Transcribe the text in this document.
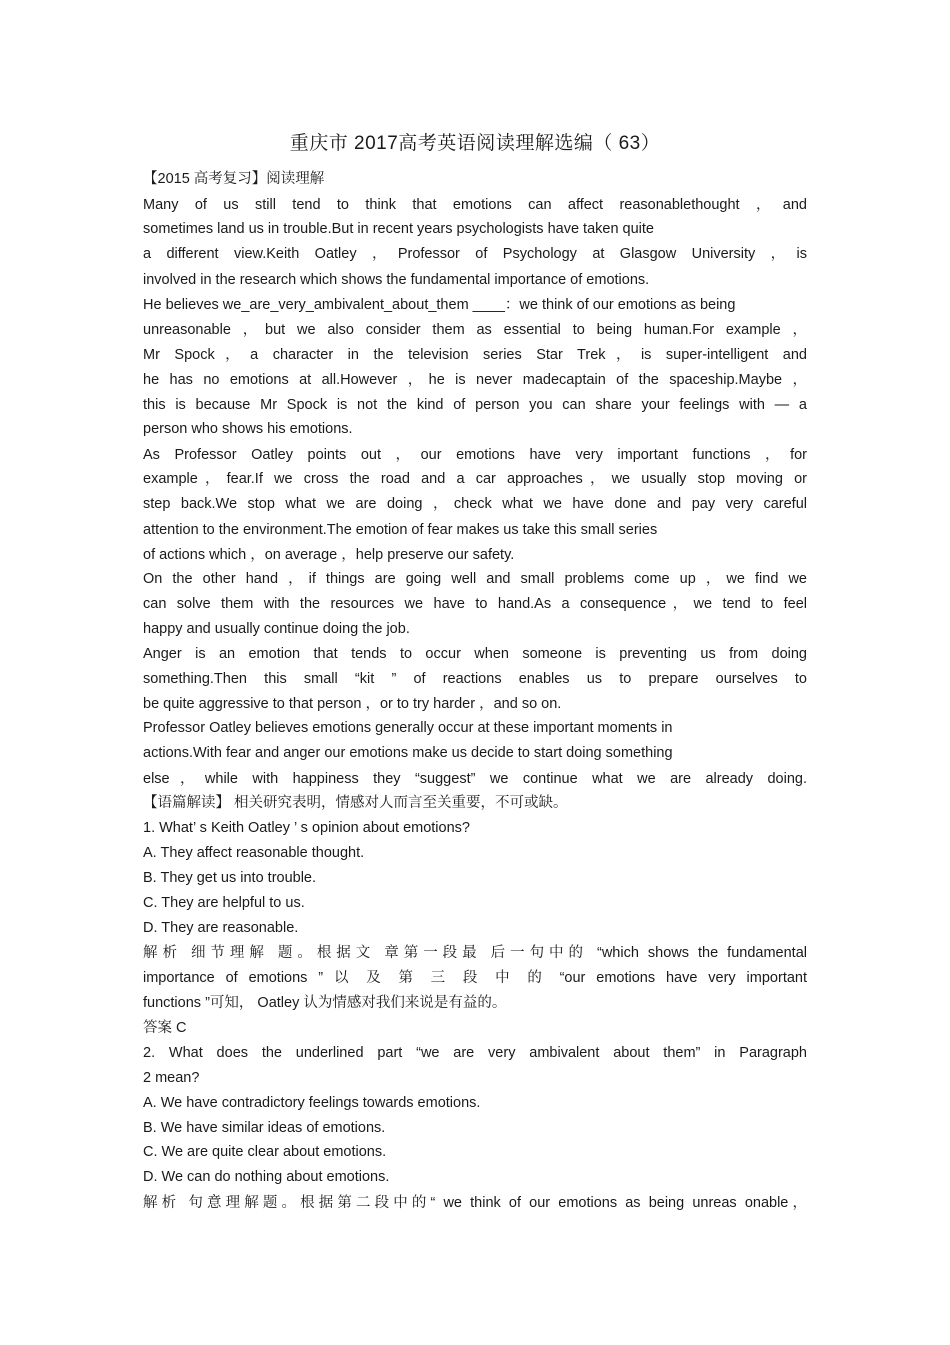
重庆市 2017高考英语阅读理解选编（ 63）
【2015 高考复习】阅读理解
Many of us still tend to think that emotions can affect reasonablethought ，and
sometimes land us in trouble.But in recent years psychologists have taken quite
a different view.Keith Oatley ，Professor of Psychology at Glasgow University ，is
involved in the research which shows the fundamental importance of emotions.
He believes we_are_very_ambivalent_about_them ____：we think of our emotions as being
unreasonable ，but we also consider them as essential to being human.For example ，
Mr Spock，a character in the television series Star Trek，is super-intelligent and
he has no emotions at all.However ，he is never madecaptain of the spaceship.Maybe ，
this is because Mr Spock is not the kind of person you can share your feelings with — a
person who shows his emotions.
As Professor Oatley points out ，our emotions have very important functions ，for
example，fear.If we cross the road and a car approaches，we usually stop moving or
step back.We stop what we are doing ，check what we have done and pay very careful
attention to the environment.The emotion of fear makes us take this small series
of actions which ，on average ，help preserve our safety.
On the other hand ，if things are going well and small problems come up ，we find we
can solve them with the resources we have to hand.As a consequence，we tend to feel
happy and usually continue doing the job.
Anger is an emotion that tends to occur when someone is preventing us from doing
something.Then this small “kit ” of reactions enables us to prepare ourselves to
be quite aggressive to that person ，or to try harder ，and so on.
Professor Oatley believes emotions generally occur at these important moments in
actions.With fear and anger our emotions make us decide to start doing something
else，while with happiness they “suggest” we continue what we are already doing.
【语篇解读】 相关研究表明，情感对人而言至关重要，不可或缺。
1. What’ s Keith Oatley ’ s opinion about emotions?
A. They affect reasonable thought.
B. They get us into trouble.
C. They are helpful to us.
D. They are reasonable.
解析 细节理解 题。根据文 章第一段最 后一句中的 “which shows the fundamental
importance of emotions ” 以 及 第 三 段 中 的 “our emotions have very important
functions ”可知， Oatley 认为情感对我们来说是有益的。
答案 C
2. What does the underlined part “we are very ambivalent about them” in Paragraph
2 mean?
A. We have contradictory feelings towards emotions.
B. We have similar ideas of emotions.
C. We are quite clear about emotions.
D. We can do nothing about emotions.
解析 句意理解题。根据第二段中的“ we think of our emotions as being unreas onable，
